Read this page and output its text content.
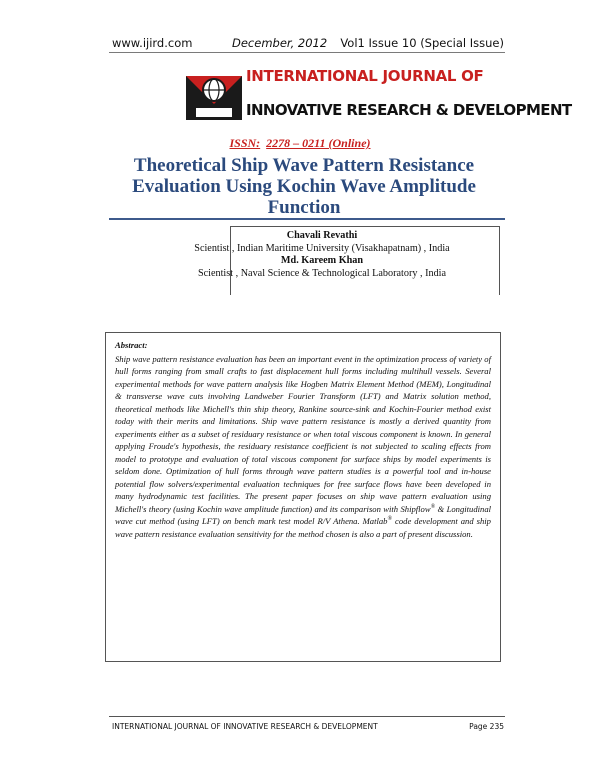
www.ijird.com	December, 2012 Vol1 Issue 10 (Special Issue)
INTERNATIONAL JOURNAL OF
INNOVATIVE RESEARCH & DEVELOPMENT
ISSN: 2278 – 0211 (Online)
Theoretical Ship Wave Pattern Resistance Evaluation Using Kochin Wave Amplitude Function
Chavali Revathi
Scientist , Indian Maritime University (Visakhapatnam) , India
Md. Kareem Khan
Scientist , Naval Science & Technological Laboratory , India
Abstract:
Ship wave pattern resistance evaluation has been an important event in the optimization process of variety of hull forms ranging from small crafts to fast displacement hull forms including multihull vessels. Several experimental methods for wave pattern analysis like Hogben Matrix Element Method (MEM), Longitudinal & transverse wave cuts involving Landweber Fourier Transform (LFT) and Matrix solution method, theoretical methods like Michell's thin ship theory, Rankine source-sink and Kochin-Fourier method exist today with their merits and limitations. Ship wave pattern resistance is mostly a derived quantity from experiments either as a subset of residuary resistance or when total viscous component is known. In general applying Froude's hypothesis, the residuary resistance coefficient is not subjected to scaling effects from model to prototype and evaluation of total viscous component for surface ships by model experiments is seldom done. Optimization of hull forms through wave pattern studies is a powerful tool and in-house potential flow solvers/experimental evaluation techniques for free surface flows have been developed in many hydrodynamic test facilities. The present paper focuses on ship wave pattern evaluation using Michell's theory (using Kochin wave amplitude function) and its comparison with Shipflow® & Longitudinal wave cut method (using LFT) on bench mark test model R/V Athena. Matlab® code development and ship wave pattern resistance evaluation sensitivity for the method chosen is also a part of present discussion.
INTERNATIONAL JOURNAL OF INNOVATIVE RESEARCH & DEVELOPMENT	Page 235
